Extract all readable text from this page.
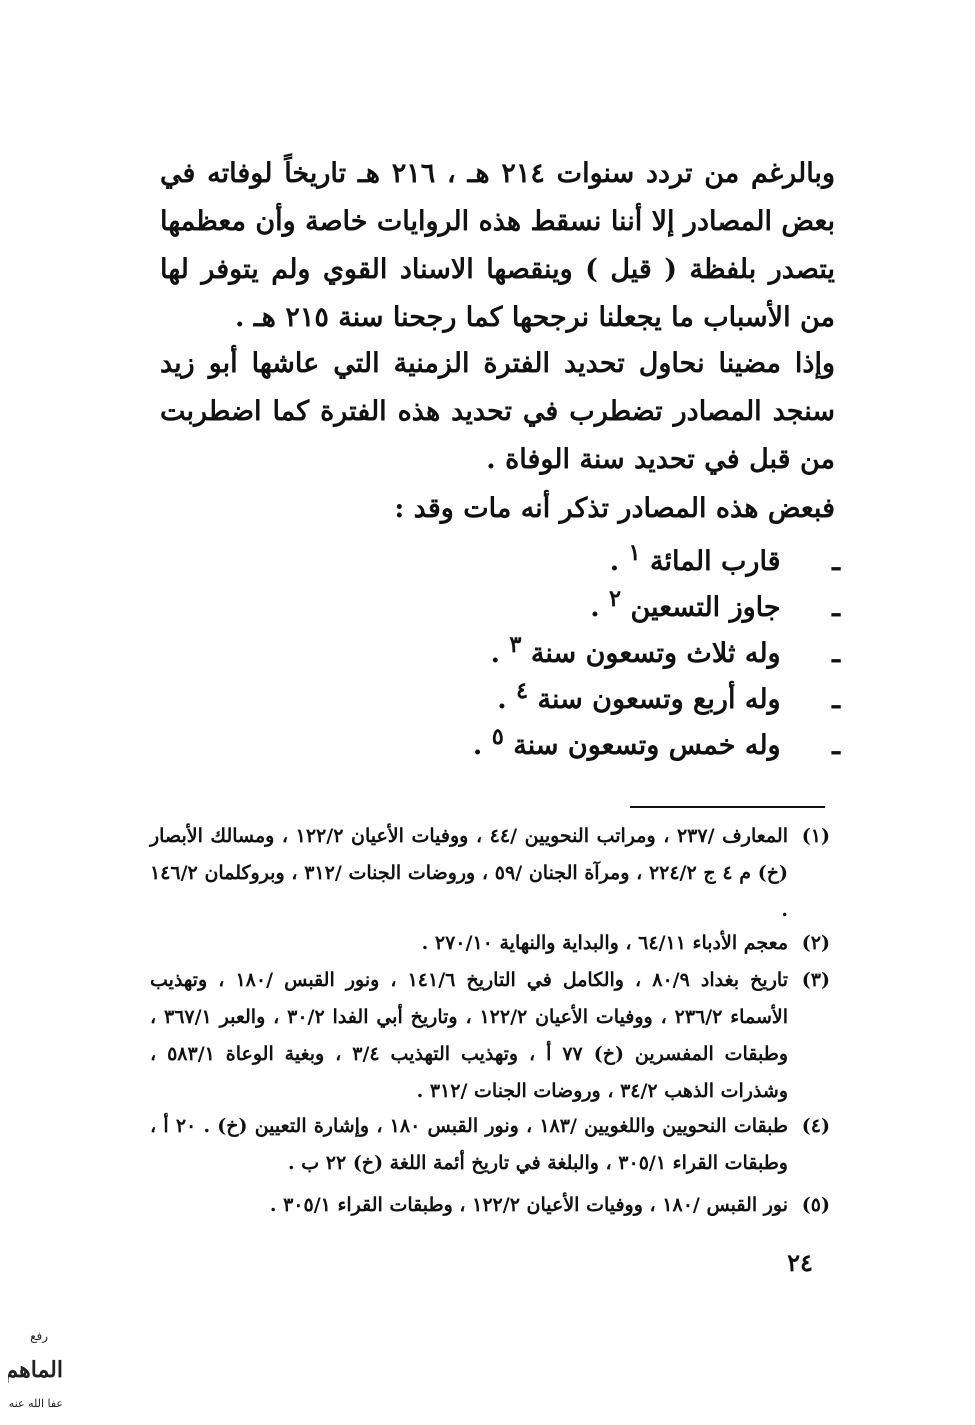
وبالرغم من تردد سنوات ٢١٤ هـ ، ٢١٦ هـ تاريخاً لوفاته في بعض المصادر إلا أننا نسقط هذه الروايات خاصة وأن معظمها يتصدر بلفظة ( قيل ) وينقصها الاسناد القوي ولم يتوفر لها من الأسباب ما يجعلنا نرجحها كما رجحنا سنة ٢١٥ هـ .

وإذا مضينا نحاول تحديد الفترة الزمنية التي عاشها أبو زيد سنجد المصادر تضطرب في تحديد هذه الفترة كما اضطربت من قبل في تحديد سنة الوفاة .

فبعض هذه المصادر تذكر أنه مات وقد :

ـ قارب المائة $^١$ .
ـ جاوز التسعين $^٢$ .
ـ وله ثلاث وتسعون سنة $^٣$ .
ـ وله أربع وتسعون سنة $^٤$ .
ـ وله خمس وتسعون سنة $^٥$ .
(١)
المعارف /٢٣٧ ، ومراتب النحويين /٤٤ ، ووفيات الأعيان ١٢٢/٢ ، ومسالك الأبصار (خ) م ٤ ج ٢٢٤/٢ ، ومرآة الجنان /٥٩ ، وروضات الجنات /٣١٢ ، وبروكلمان ١٤٦/٢ .
(٢)
معجم الأدباء ٦٤/١١ ، والبداية والنهاية ٢٧٠/١٠ .
(٣)
تاريخ بغداد ٨٠/٩ ، والكامل في التاريخ ١٤١/٦ ، ونور القبس /١٨٠ ، وتهذيب الأسماء ٢٣٦/٢ ، ووفيات الأعيان ١٢٢/٢ ، وتاريخ أبي الفدا ٣٠/٢ ، والعبر ٣٦٧/١ ، وطبقات المفسرين (خ) ٧٧ أ ، وتهذيب التهذيب ٣/٤ ، وبغية الوعاة ٥٨٣/١ ، وشذرات الذهب ٣٤/٢ ، وروضات الجنات /٣١٢ .
(٤)
طبقات النحويين واللغويين /١٨٣ ، ونور القبس ١٨٠ ، وإشارة التعيين (خ) . ٢٠ أ ، وطبقات القراء ٣٠٥/١ ، والبلغة في تاريخ أئمة اللغة (خ) ٢٢ ب .
(٥)
نور القبس /١٨٠ ، ووفيات الأعيان ١٢٢/٢ ، وطبقات القراء ٣٠٥/١ .
٢٤
رفع
الماهم
عفا الله عنه
